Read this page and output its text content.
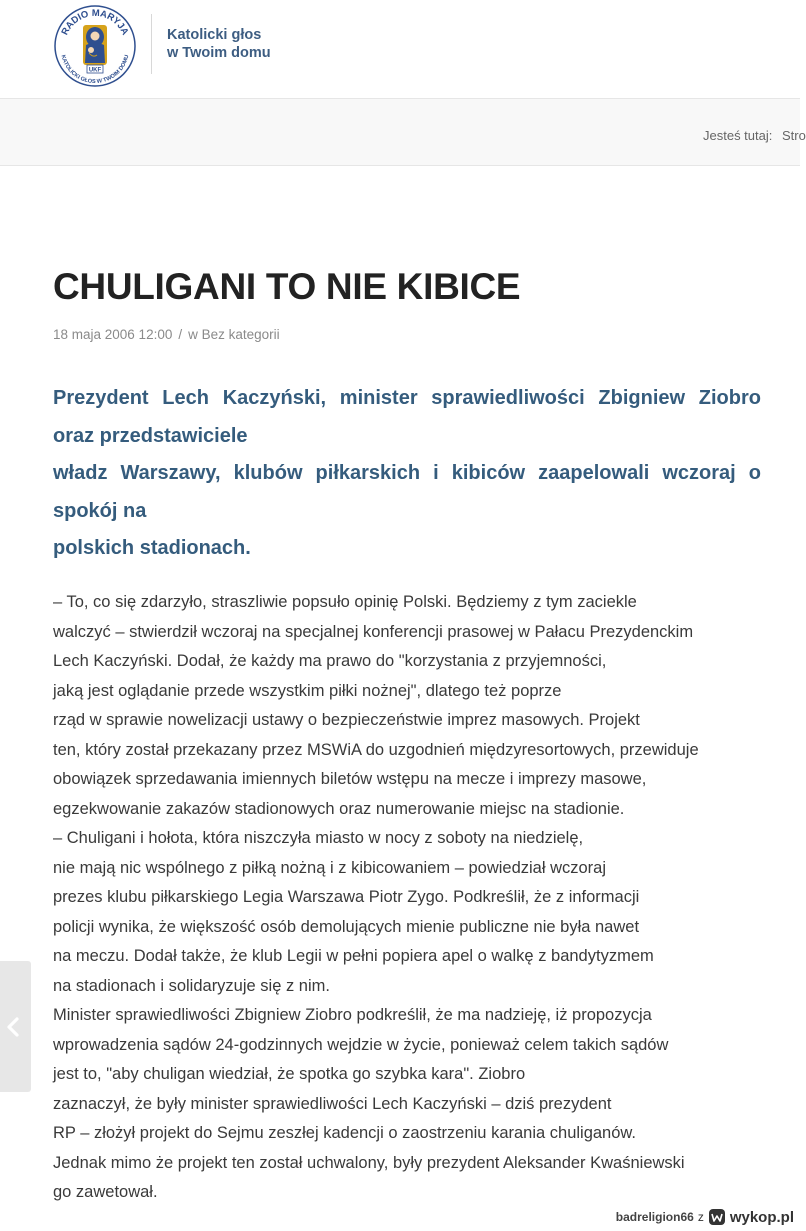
RADIO MARYJA
KATOLICKI GŁOS W TWOIM DOMU
UKF
Katolicki głos
w Twoim domu
Jesteś tutaj: Stro
CHULIGANI TO NIE KIBICE
18 maja 2006 12:00 / w Bez kategorii
Prezydent Lech Kaczyński, minister sprawiedliwości Zbigniew Ziobro
oraz przedstawiciele
władz Warszawy, klubów piłkarskich i kibiców zaapelowali wczoraj o
spokój na
polskich stadionach.
– To, co się zdarzyło, straszliwie popsuło opinię Polski. Będziemy z tym zaciekle
walczyć – stwierdził wczoraj na specjalnej konferencji prasowej w Pałacu Prezydenckim
Lech Kaczyński. Dodał, że każdy ma prawo do "korzystania z przyjemności,
jaką jest oglądanie przede wszystkim piłki nożnej", dlatego też poprze
rząd w sprawie nowelizacji ustawy o bezpieczeństwie imprez masowych. Projekt
ten, który został przekazany przez MSWiA do uzgodnień międzyresortowych, przewiduje
obowiązek sprzedawania imiennych biletów wstępu na mecze i imprezy masowe,
egzekwowanie zakazów stadionowych oraz numerowanie miejsc na stadionie.
– Chuligani i hołota, która niszczyła miasto w nocy z soboty na niedzielę,
nie mają nic wspólnego z piłką nożną i z kibicowaniem – powiedział wczoraj
prezes klubu piłkarskiego Legia Warszawa Piotr Zygo. Podkreślił, że z informacji
policji wynika, że większość osób demolujących mienie publiczne nie była nawet
na meczu. Dodał także, że klub Legii w pełni popiera apel o walkę z bandytyzmem
na stadionach i solidaryzuje się z nim.
Minister sprawiedliwości Zbigniew Ziobro podkreślił, że ma nadzieję, iż propozycja
wprowadzenia sądów 24-godzinnych wejdzie w życie, ponieważ celem takich sądów
jest to, "aby chuligan wiedział, że spotka go szybka kara". Ziobro
zaznaczył, że były minister sprawiedliwości Lech Kaczyński – dziś prezydent
RP – złożył projekt do Sejmu zeszłej kadencji o zaostrzeniu karania chuliganów.
Jednak mimo że projekt ten został uchwalony, były prezydent Aleksander Kwaśniewski
go zawetował.
badreligion66 z wykop.pl
